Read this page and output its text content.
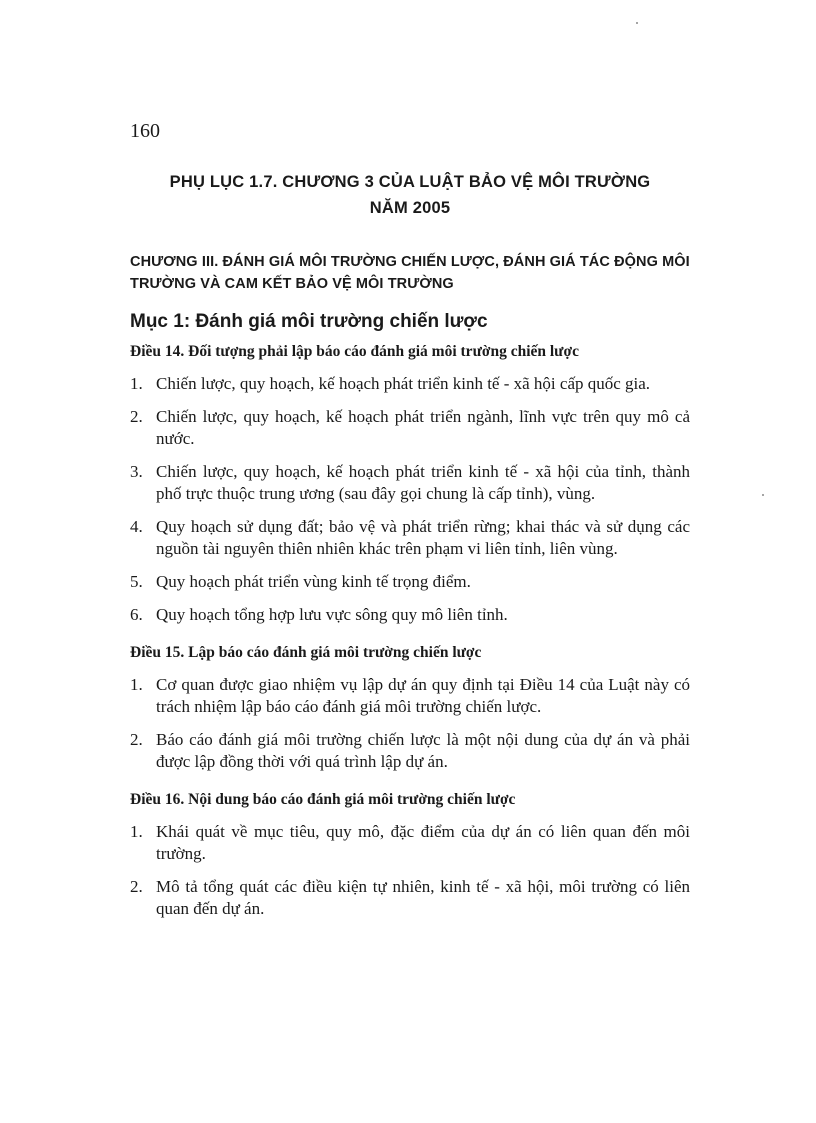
160
PHỤ LỤC 1.7. CHƯƠNG 3 CỦA LUẬT BẢO VỆ MÔI TRƯỜNG
NĂM 2005
CHƯƠNG III. ĐÁNH GIÁ MÔI TRƯỜNG CHIẾN LƯỢC, ĐÁNH GIÁ TÁC ĐỘNG MÔI TRƯỜNG VÀ CAM KẾT BẢO VỆ MÔI TRƯỜNG
Mục 1: Đánh giá môi trường chiến lược
Điều 14. Đối tượng phải lập báo cáo đánh giá môi trường chiến lược
1. Chiến lược, quy hoạch, kế hoạch phát triển kinh tế - xã hội cấp quốc gia.
2. Chiến lược, quy hoạch, kế hoạch phát triển ngành, lĩnh vực trên quy mô cả nước.
3. Chiến lược, quy hoạch, kế hoạch phát triển kinh tế - xã hội của tỉnh, thành phố trực thuộc trung ương (sau đây gọi chung là cấp tỉnh), vùng.
4. Quy hoạch sử dụng đất; bảo vệ và phát triển rừng; khai thác và sử dụng các nguồn tài nguyên thiên nhiên khác trên phạm vi liên tỉnh, liên vùng.
5. Quy hoạch phát triển vùng kinh tế trọng điểm.
6. Quy hoạch tổng hợp lưu vực sông quy mô liên tỉnh.
Điều 15. Lập báo cáo đánh giá môi trường chiến lược
1. Cơ quan được giao nhiệm vụ lập dự án quy định tại Điều 14 của Luật này có trách nhiệm lập báo cáo đánh giá môi trường chiến lược.
2. Báo cáo đánh giá môi trường chiến lược là một nội dung của dự án và phải được lập đồng thời với quá trình lập dự án.
Điều 16. Nội dung báo cáo đánh giá môi trường chiến lược
1. Khái quát về mục tiêu, quy mô, đặc điểm của dự án có liên quan đến môi trường.
2. Mô tả tổng quát các điều kiện tự nhiên, kinh tế - xã hội, môi trường có liên quan đến dự án.
